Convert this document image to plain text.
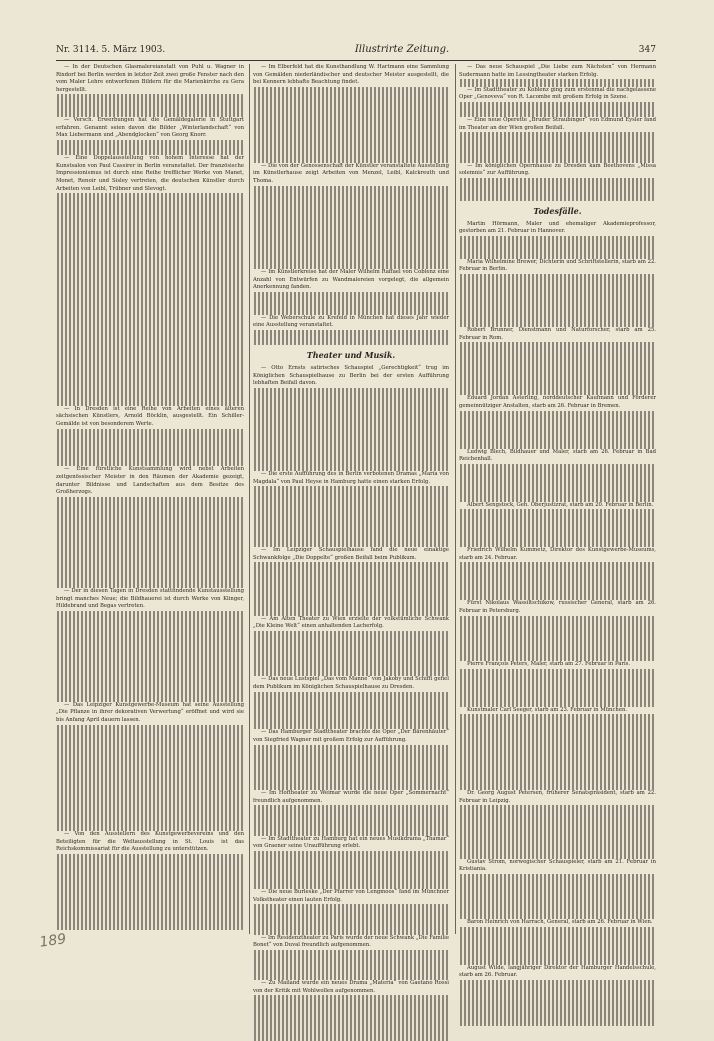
Nr. 3114. 5. März 1903.	Illustrirte Zeitung.	347

— In der Deutschen Glasmalereianstalt von Puhl u. Wagner in Rixdorf bei Berlin werden in letzter Zeit zwei große Fenster nach den vom Maler Lehre entworfenen Bildern für die Marienkirche zu Gera hergestellt.

— Versch. Erwerbungen hat die Gemäldegalerie in Stuttgart erfahren. Genannt seien davon die Bilder „Winterlandschaft“ von Max Liebermann und „Abendglocken“ von Georg Knorr.

— Eine Doppelausstellung von hohem Interesse hat der Kunstsalon von Paul Cassirer in Berlin veranstaltet. Der französische Impressionismus ist durch eine Reihe trefflicher Werke von Manet, Monet, Renoir und Sisley vertreten, die deutschen Künstler durch Arbeiten von Leibl, Trübner und Slevogt.

— In Dresden ist eine Reihe von Arbeiten eines älteren sächsischen Künstlers, Arnold Böcklin, ausgestellt. Ein Schiller-Gemälde ist von besonderem Werte.

— Eine fürstliche Kunstsammlung wird nebst Arbeiten zeitgenössischer Meister in den Räumen der Akademie gezeigt, darunter Bildnisse und Landschaften aus dem Besitze des Großherzogs.

— Der in diesen Tagen in Dresden stattfindende Kunstausstellung bringt manches Neue; die Bildhauerei ist durch Werke von Klinger, Hildebrand und Begas vertreten.

— Das Leipziger Kunstgewerbe-Museum hat seine Ausstellung „Die Pflanze in ihrer dekorativen Verwertung“ eröffnet und wird sie bis Anfang April dauern lassen.

— Von den Ausstellern des Kunstgewerbevereins und den Beteiligten für die Weltausstellung in St. Louis ist das Reichskommissariat für die Ausstellung zu unterstützen.

— Im Elberfeld hat die Kunsthandlung W. Hartmann eine Sammlung von Gemälden niederländischer und deutscher Meister ausgestellt, die bei Kennern lebhafte Beachtung findet.

— Die von der Genossenschaft der Künstler veranstaltete Ausstellung im Künstlerhause zeigt Arbeiten von Menzel, Leibl, Kalckreuth und Thoma.

— Im Künstlerkreise hat der Maler Wilhelm Raffael von Coblenz eine Anzahl von Entwürfen zu Wandmalereien vorgelegt, die allgemein Anerkennung fanden.

— Die Weberschule zu Krefeld in München hat dieses Jahr wieder eine Ausstellung veranstaltet.

Theater und Musik.

— Otto Ernsts satirisches Schauspiel „Gerechtigkeit“ trug im Königlichen Schauspielhause zu Berlin bei der ersten Aufführung lebhaften Beifall davon.

— Die erste Aufführung des in Berlin verbotenen Dramas „Maria von Magdala“ von Paul Heyse in Hamburg hatte einen starken Erfolg.

— Im Leipziger Schauspielhause fand die neue einaktige Schwankfolge „Die Doppelte“ großen Beifall beim Publikum.

— Am Alten Theater zu Wien erzielte der volkstümliche Schwank „Die Kleine Welt“ einen anhaltenden Lacherfolg.

— Das neue Lustspiel „Das vom Manne“ von Jakoby und Schiffi gefiel dem Publikum im Königlichen Schauspielhause zu Dresden.

— Das Hamburger Stadttheater brachte die Oper „Der Bärenhäuter“ von Siegfried Wagner mit großem Erfolg zur Aufführung.

— Im Hoftheater zu Weimar wurde die neue Oper „Sommernacht“ freundlich aufgenommen.

— Im Stadttheater zu Hamburg hat ein neues Musikdrama „Thamar“ von Graener seine Uraufführung erlebt.

— Die neue Burleske „Der Pfarrer von Lengmoos“ fand im Münchner Volkstheater einen lauten Erfolg.

— Im Residenztheater zu Paris wurde der neue Schwank „Die Familie Bonet“ von Duval freundlich aufgenommen.

— Zu Mailand wurde ein neues Drama „Materia“ von Gaetano Rossi von der Kritik mit Wohlwollen aufgenommen.

— Das neue Schauspiel „Die Liebe zum Nächsten“ von Hermann Sudermann hatte im Lessingtheater starken Erfolg.

— Im Stadttheater zu Koblenz ging zum erstenmal die nachgelassene Oper „Genoveva“ von R. Lacombe mit großem Erfolg in Szene.

— Eine neue Operette „Bruder Straubinger“ von Edmund Eysler fand im Theater an der Wien großen Beifall.

— Im königlichen Opernhause zu Dresden kam Beethovens „Missa solemnis“ zur Aufführung.

Todesfälle.

Martin Hörmann, Maler und ehemaliger Akademieprofessor, gestorben am 21. Februar in Hannover.

Maria Wilhelmine Brewer, Dichterin und Schriftstellerin, starb am 22. Februar in Berlin.

Robert Brunner, Dienstmann und Naturforscher, starb am 25. Februar in Rom.

Eduard Jordan Asterling, norddeutscher Kaufmann und Förderer gemeinnütziger Anstalten, starb am 26. Februar in Bremen.

Ludwig Blech, Bildhauer und Maler, starb am 26. Februar in Bad Reichenhall.

Albert Sengstock, Geh. Oberjustizrat, starb am 20. Februar in Berlin.

Friedrich Wilhelm Kummetz, Direktor des Kunstgewerbe-Museums, starb am 24. Februar.

Fürst Nikolaus Wassiltschikow, russischer General, starb am 26. Februar in Petersburg.

Pierre François Peters, Maler, starb am 27. Februar in Paris.

Kunstmaler Carl Seeger, starb am 23. Februar in München.

Dr. Georg August Petersen, früherer Senatspräsident, starb am 22. Februar in Leipzig.

Gustav Strom, norwegischer Schauspieler, starb am 21. Februar in Kristiania.

Baron Heinrich von Harrach, General, starb am 26. Februar in Wien.

August Wilde, langjähriger Direktor der Hamburger Handelsschule, starb am 26. Februar.

189
